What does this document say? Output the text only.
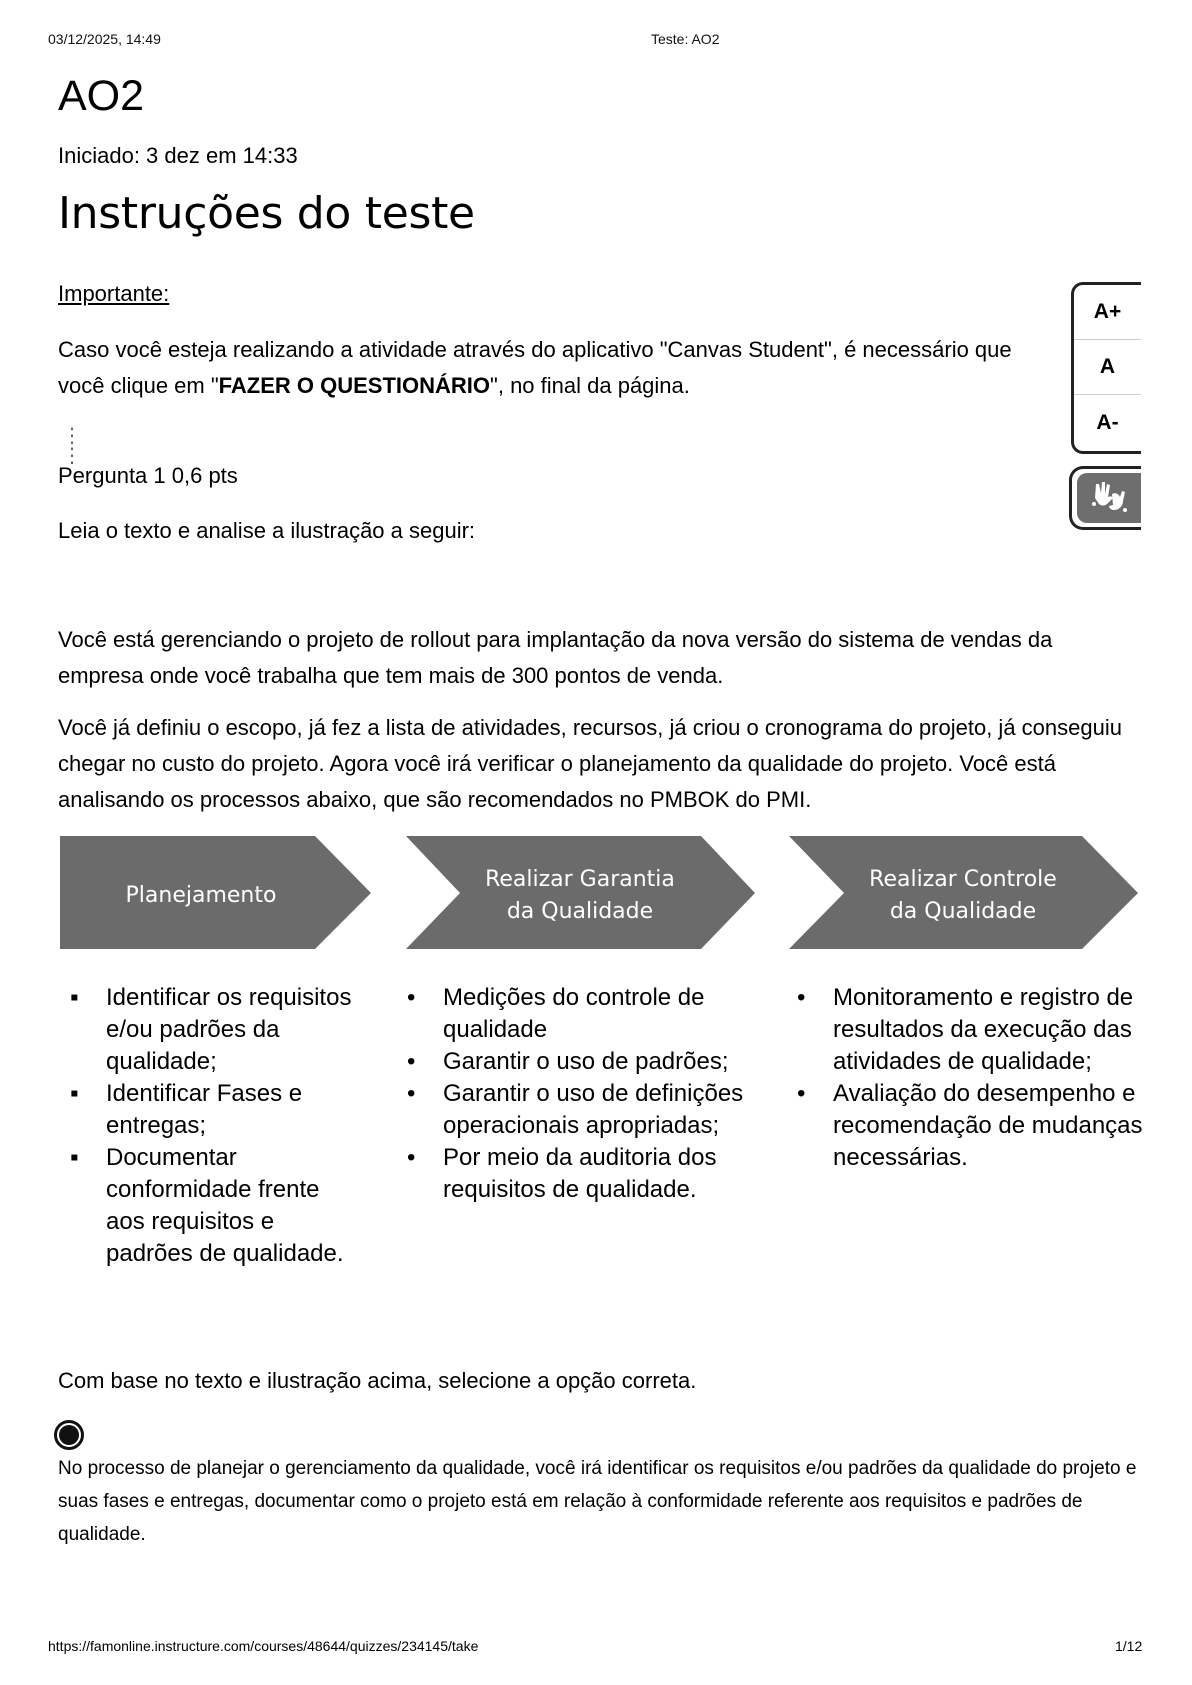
03/12/2025, 14:49	Teste: AO2
AO2
Iniciado: 3 dez em 14:33
Instruções do teste
Importante:
Caso você esteja realizando a atividade através do aplicativo "Canvas Student", é necessário que
você clique em "FAZER O QUESTIONÁRIO", no final da página.
A+
A
A-
⋮
⋮
Pergunta 1 0,6 pts
Leia o texto e analise a ilustração a seguir:
Você está gerenciando o projeto de rollout para implantação da nova versão do sistema de vendas da empresa onde você trabalha que tem mais de 300 pontos de venda.
Você já definiu o escopo, já fez a lista de atividades, recursos, já criou o cronograma do projeto, já conseguiu chegar no custo do projeto. Agora você irá verificar o planejamento da qualidade do projeto. Você está analisando os processos abaixo, que são recomendados no PMBOK do PMI.
Planejamento
Realizar Garantia
da Qualidade
Realizar Controle
da Qualidade
▪ Identificar os requisitos e/ou padrões da qualidade;
▪ Identificar Fases e entregas;
▪ Documentar conformidade frente aos requisitos e padrões de qualidade.
• Medições do controle de qualidade
• Garantir o uso de padrões;
• Garantir o uso de definições operacionais apropriadas;
• Por meio da auditoria dos requisitos de qualidade.
• Monitoramento e registro de resultados da execução das atividades de qualidade;
• Avaliação do desempenho e recomendação de mudanças necessárias.
Com base no texto e ilustração acima, selecione a opção correta.
No processo de planejar o gerenciamento da qualidade, você irá identificar os requisitos e/ou padrões da qualidade do projeto e suas fases e entregas, documentar como o projeto está em relação à conformidade referente aos requisitos e padrões de qualidade.
https://famonline.instructure.com/courses/48644/quizzes/234145/take	1/12
